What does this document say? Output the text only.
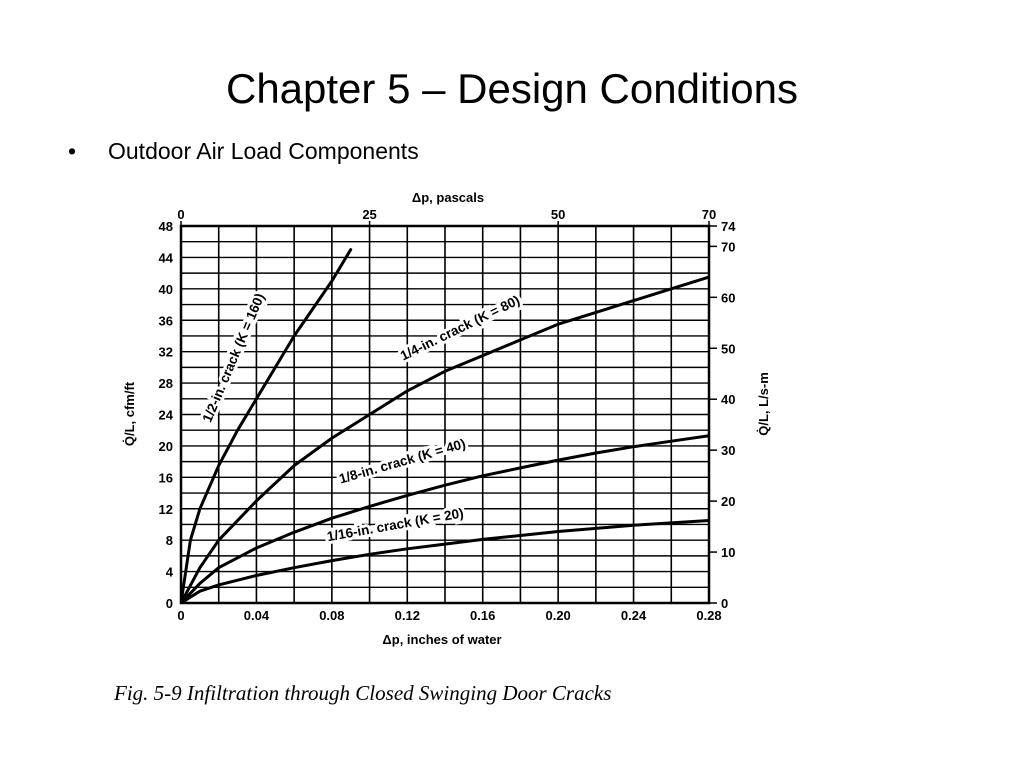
Chapter 5 – Design Conditions
•	Outdoor Air Load Components
0	0.04	0.08	0.12	0.16	0.20	0.24	0.28
0
4
8
12
16
20
24
28
32
36
40
44
48
0	25	50	70
0
10
20
30
40
50
60
70
74
1/2-in. crack (K = 160)	1/4-in. crack (K = 80)
1/8-in. crack (K = 40)
1/16-in. crack (K = 20)
Δp, inches of water
Δp, pascals
Q̇/L, cfm/ft	Q̇/L, L/s-m
Fig. 5-9 Infiltration through Closed Swinging Door Cracks
